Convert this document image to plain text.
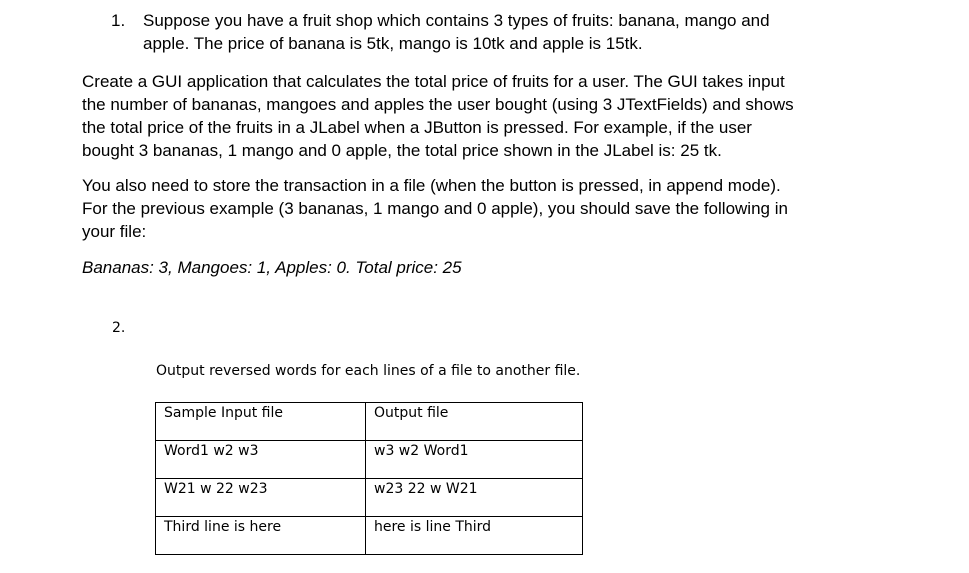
1. Suppose you have a fruit shop which contains 3 types of fruits: banana, mango and
apple. The price of banana is 5tk, mango is 10tk and apple is 15tk.
Create a GUI application that calculates the total price of fruits for a user. The GUI takes input
the number of bananas, mangoes and apples the user bought (using 3 JTextFields) and shows
the total price of the fruits in a JLabel when a JButton is pressed. For example, if the user
bought 3 bananas, 1 mango and 0 apple, the total price shown in the JLabel is: 25 tk.
You also need to store the transaction in a file (when the button is pressed, in append mode).
For the previous example (3 bananas, 1 mango and 0 apple), you should save the following in
your file:
Bananas: 3, Mangoes: 1, Apples: 0. Total price: 25
2.
Output reversed words for each lines of a file to another file.
Sample Input file	Output file
Word1 w2 w3	w3 w2 Word1
W21 w 22 w23	w23 22 w W21
Third line is here	here is line Third
